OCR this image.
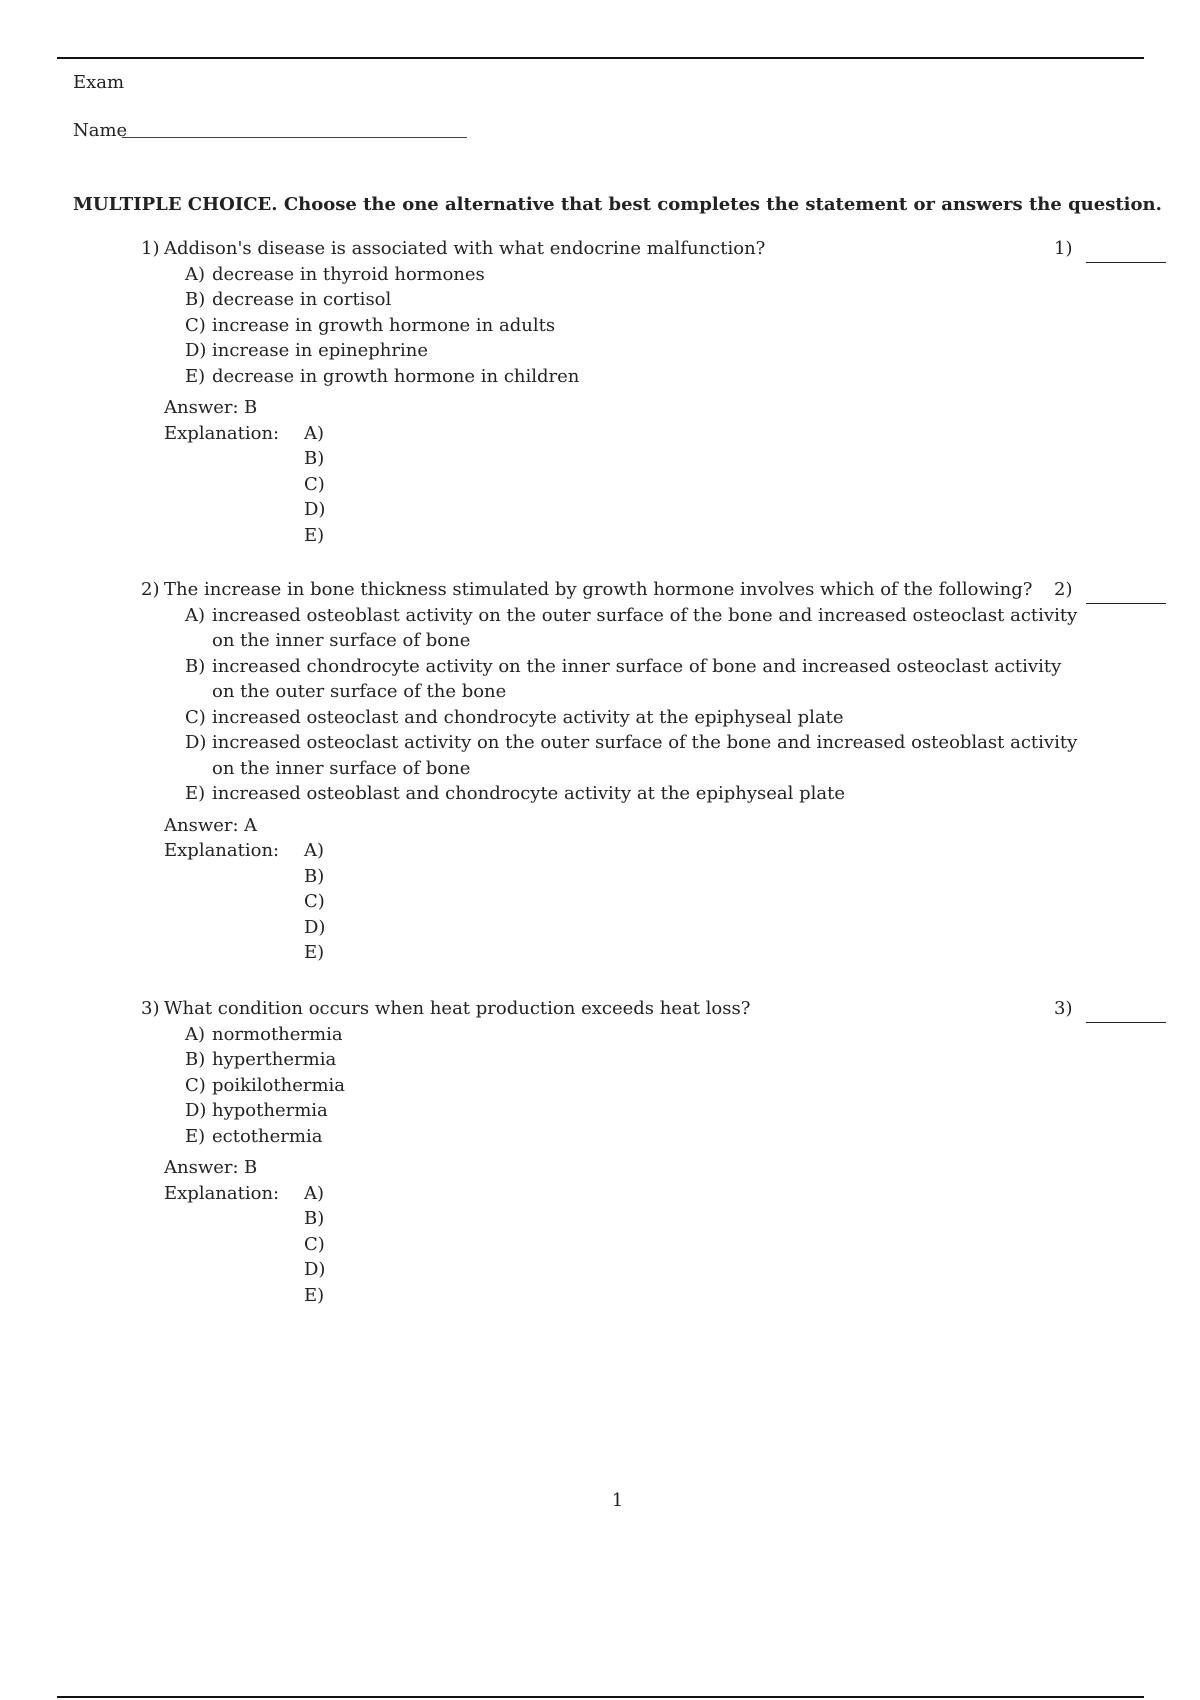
Exam
Name
MULTIPLE CHOICE. Choose the one alternative that best completes the statement or answers the question.
1) Addison's disease is associated with what endocrine malfunction?	1)
A) decrease in thyroid hormones
B) decrease in cortisol
C) increase in growth hormone in adults
D) increase in epinephrine
E) decrease in growth hormone in children
Answer: B
Explanation: A)
B)
C)
D)
E)
2) The increase in bone thickness stimulated by growth hormone involves which of the following? 2)
A) increased osteoblast activity on the outer surface of the bone and increased osteoclast activity
on the inner surface of bone
B) increased chondrocyte activity on the inner surface of bone and increased osteoclast activity
on the outer surface of the bone
C) increased osteoclast and chondrocyte activity at the epiphyseal plate
D) increased osteoclast activity on the outer surface of the bone and increased osteoblast activity
on the inner surface of bone
E) increased osteoblast and chondrocyte activity at the epiphyseal plate
Answer: A
Explanation: A)
B)
C)
D)
E)
3) What condition occurs when heat production exceeds heat loss?	3)
A) normothermia
B) hyperthermia
C) poikilothermia
D) hypothermia
E) ectothermia
Answer: B
Explanation: A)
B)
C)
D)
E)
1
